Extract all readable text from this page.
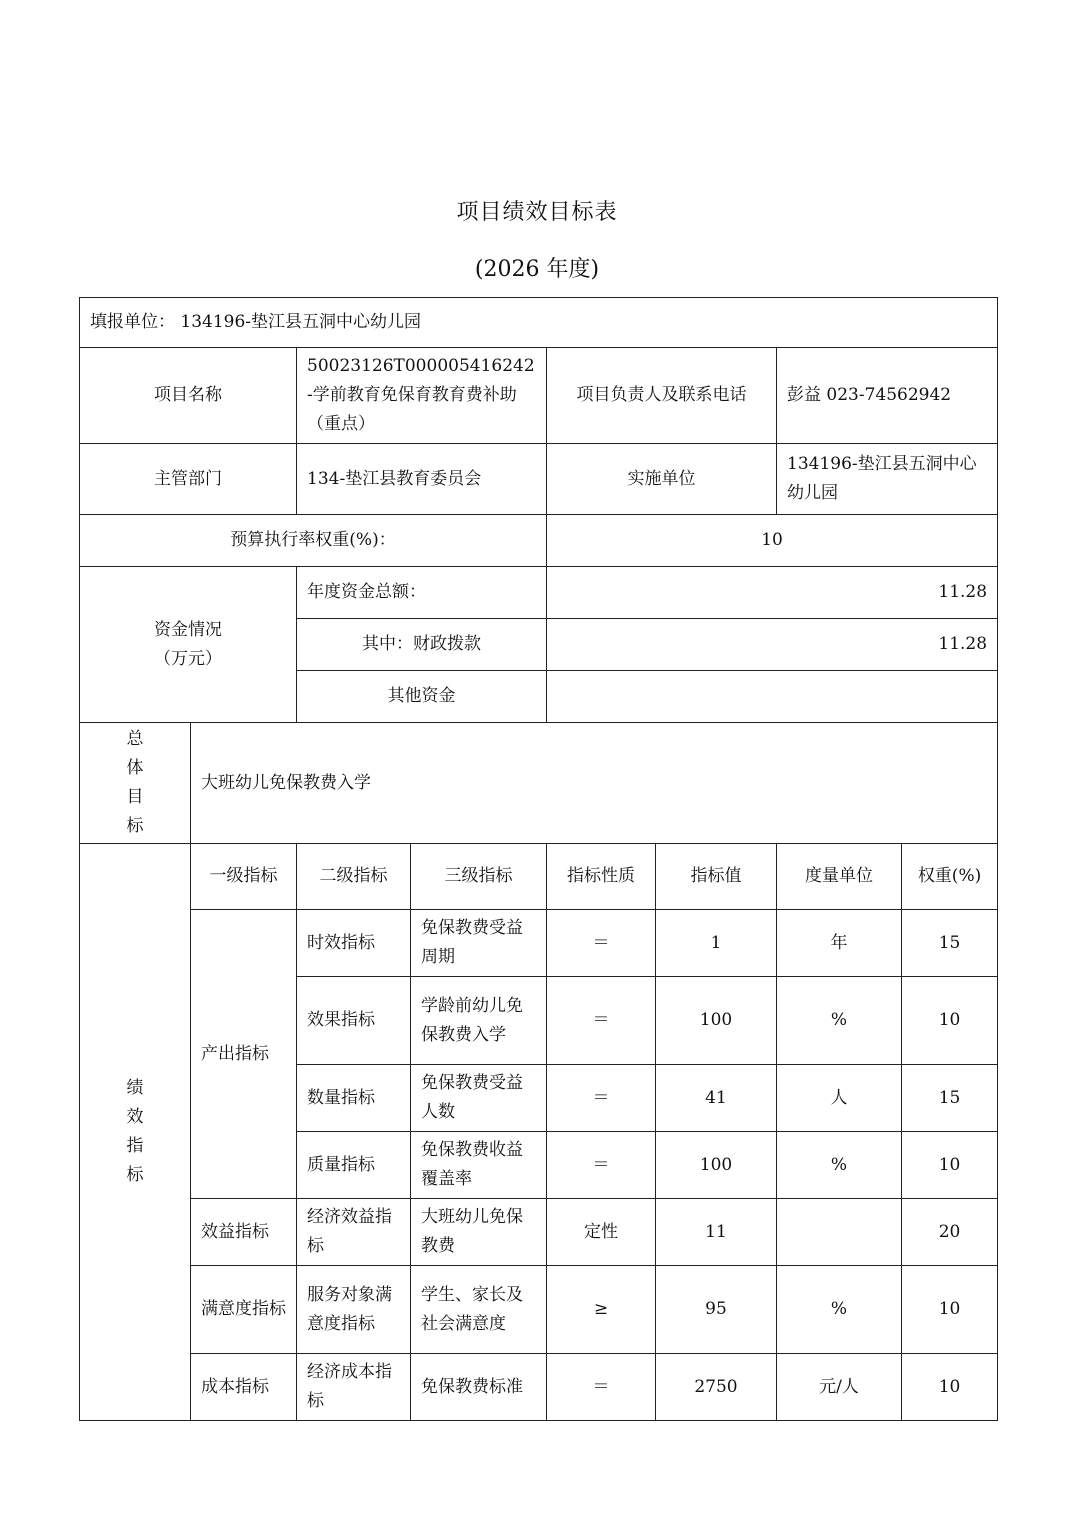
项目绩效目标表
(2026 年度)
填报单位： 134196-垫江县五洞中心幼儿园							
项目名称		50023126T000005416242-学前教育免保育教育费补助（重点）		项目负责人及联系电话		彭益 023-74562942	
主管部门		134-垫江县教育委员会		实施单位		134196-垫江县五洞中心幼儿园	
预算执行率权重(%)：				10			

资金情况
（万元）		年度资金总额：		11.28			
		其中：财政拨款		11.28			
		其他资金					

总
体
目
标	大班幼儿免保教费入学						

绩
效
指
标	一级指标	二级指标	三级指标	指标性质	指标值	度量单位	权重(%)
	产出指标	时效指标	免保教费受益周期	＝	1	年	15
		效果指标	学龄前幼儿免保教费入学	＝	100	%	10
		数量指标	免保教费受益人数	＝	41	人	15
		质量指标	免保教费收益覆盖率	＝	100	%	10
	效益指标	经济效益指标	大班幼儿免保教费	定性	11		20
	满意度指标	服务对象满意度指标	学生、家长及社会满意度	≥	95	%	10
	成本指标	经济成本指标	免保教费标准	＝	2750	元/人	10
